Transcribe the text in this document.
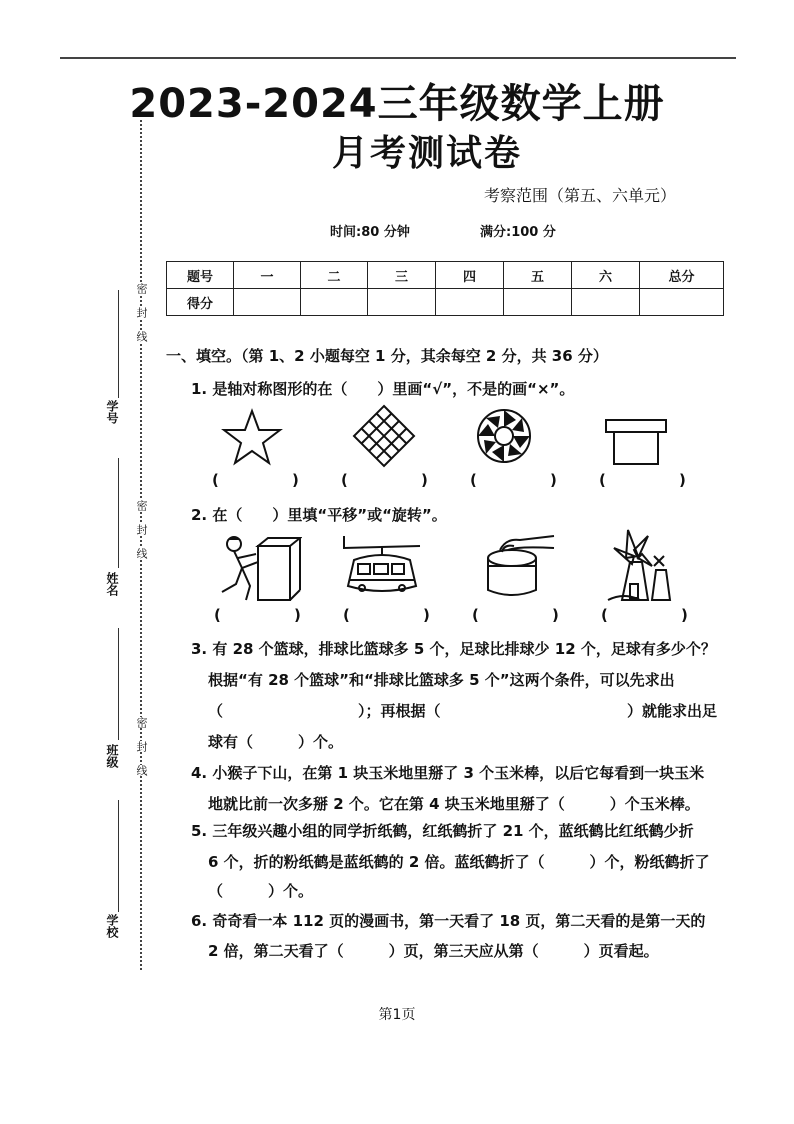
2023-2024三年级数学上册
月考测试卷
考察范围（第五、六单元）
时间:80 分钟	满分:100 分
密
封
线
密
封
线
密
封
线
学号
姓名
班级
学校
题号	一	二	三	四	五	六	总分
得分							
一、填空。（第 1、2 小题每空 1 分，其余每空 2 分，共 36 分）
1. 是轴对称图形的在（　　）里画“√”，不是的画“×”。
(              )	(              )	(              )	(              )
2. 在（　　）里填“平移”或“旋转”。
(              )	(              )	(              )	(              )
3. 有 28 个篮球，排球比篮球多 5 个，足球比排球少 12 个，足球有多少个？
根据“有 28 个篮球”和“排球比篮球多 5 个”这两个条件，可以先求出
（　　　　　　　　　）；再根据（	）就能求出足
球有（　　　）个。
4. 小猴子下山，在第 1 块玉米地里掰了 3 个玉米棒，以后它每看到一块玉米
地就比前一次多掰 2 个。它在第 4 块玉米地里掰了（　　　）个玉米棒。
5. 三年级兴趣小组的同学折纸鹤，红纸鹤折了 21 个，蓝纸鹤比红纸鹤少折
6 个，折的粉纸鹤是蓝纸鹤的 2 倍。蓝纸鹤折了（　　　）个，粉纸鹤折了
（　　　）个。
6. 奇奇看一本 112 页的漫画书，第一天看了 18 页，第二天看的是第一天的
2 倍，第二天看了（　　　）页，第三天应从第（　　　）页看起。
第1页
